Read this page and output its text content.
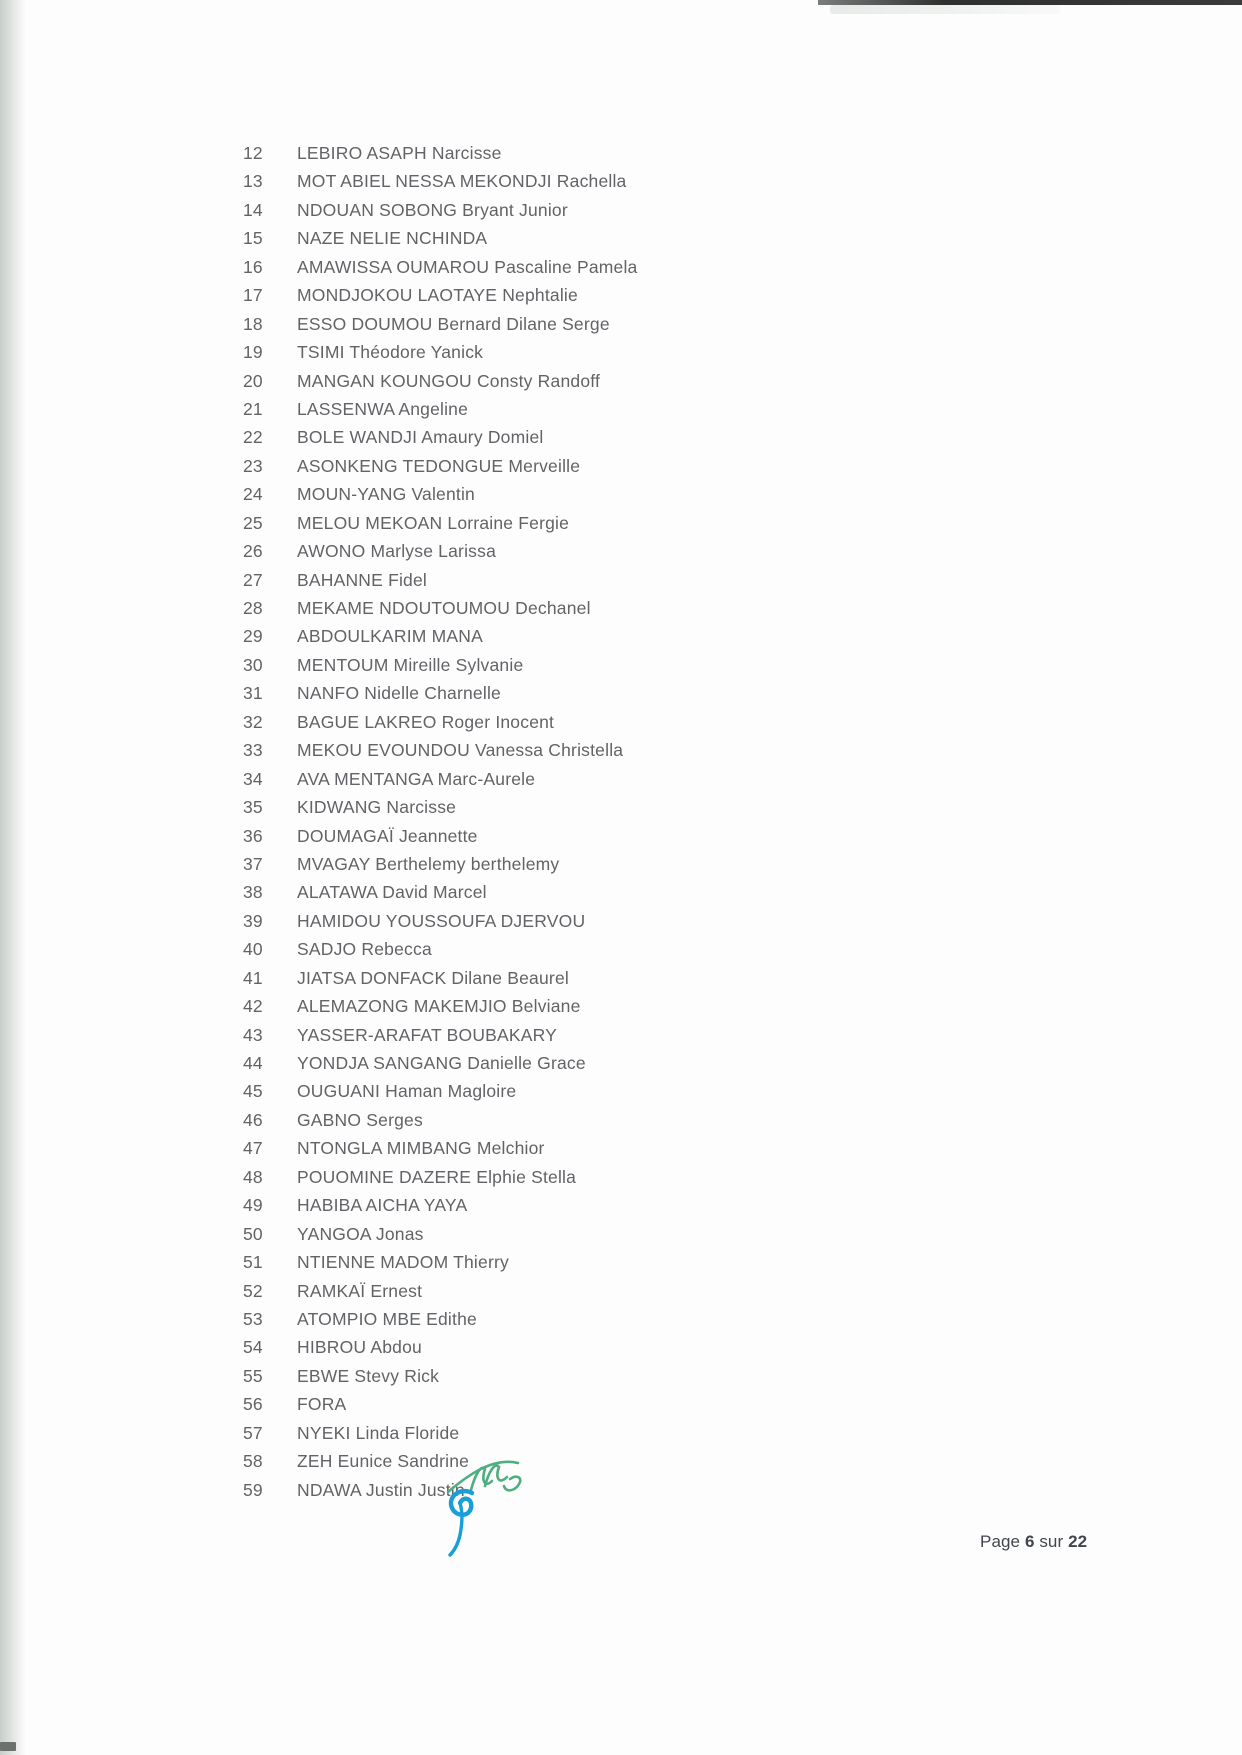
12	LEBIRO ASAPH Narcisse
13	MOT ABIEL NESSA MEKONDJI Rachella
14	NDOUAN SOBONG Bryant Junior
15	NAZE NELIE NCHINDA
16	AMAWISSA OUMAROU Pascaline Pamela
17	MONDJOKOU LAOTAYE Nephtalie
18	ESSO DOUMOU Bernard Dilane Serge
19	TSIMI Théodore Yanick
20	MANGAN KOUNGOU Consty Randoff
21	LASSENWA Angeline
22	BOLE WANDJI Amaury Domiel
23	ASONKENG TEDONGUE Merveille
24	MOUN-YANG Valentin
25	MELOU MEKOAN Lorraine Fergie
26	AWONO Marlyse Larissa
27	BAHANNE Fidel
28	MEKAME NDOUTOUMOU Dechanel
29	ABDOULKARIM MANA
30	MENTOUM Mireille Sylvanie
31	NANFO Nidelle Charnelle
32	BAGUE LAKREO Roger Inocent
33	MEKOU EVOUNDOU Vanessa Christella
34	AVA MENTANGA Marc-Aurele
35	KIDWANG Narcisse
36	DOUMAGAÏ Jeannette
37	MVAGAY Berthelemy berthelemy
38	ALATAWA David Marcel
39	HAMIDOU YOUSSOUFA DJERVOU
40	SADJO Rebecca
41	JIATSA DONFACK Dilane Beaurel
42	ALEMAZONG MAKEMJIO Belviane
43	YASSER-ARAFAT BOUBAKARY
44	YONDJA SANGANG Danielle Grace
45	OUGUANI Haman Magloire
46	GABNO Serges
47	NTONGLA MIMBANG Melchior
48	POUOMINE DAZERE Elphie Stella
49	HABIBA AICHA YAYA
50	YANGOA Jonas
51	NTIENNE MADOM Thierry
52	RAMKAÏ Ernest
53	ATOMPIO MBE Edithe
54	HIBROU Abdou
55	EBWE Stevy Rick
56	FORA
57	NYEKI Linda Floride
58	ZEH Eunice Sandrine
59	NDAWA Justin Justin
Page 6 sur 22
